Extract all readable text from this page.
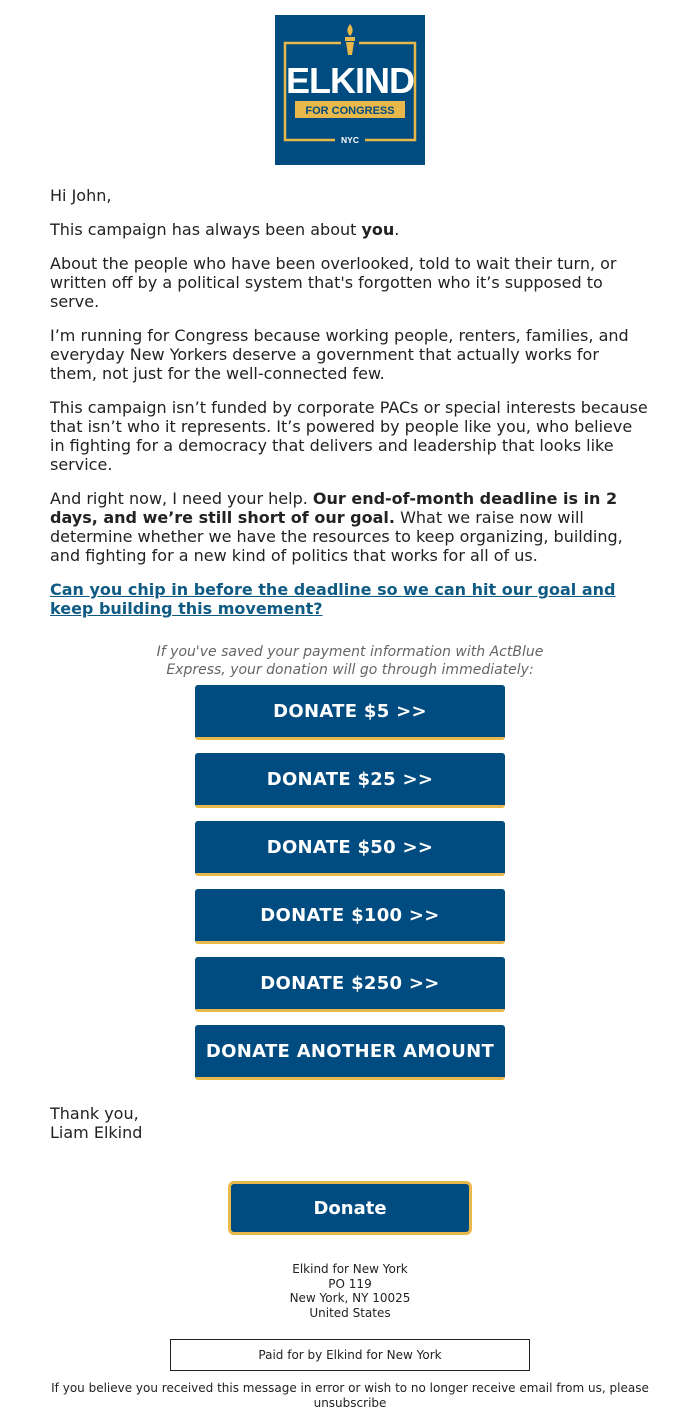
ELKIND
FOR CONGRESS
NYC
Hi John,

This campaign has always been about you.

About the people who have been overlooked, told to wait their turn, or written off by a political system that's forgotten who it’s supposed to serve.

I’m running for Congress because working people, renters, families, and everyday New Yorkers deserve a government that actually works for them, not just for the well-connected few.

This campaign isn’t funded by corporate PACs or special interests because that isn’t who it represents. It’s powered by people like you, who believe in fighting for a democracy that delivers and leadership that looks like service.

And right now, I need your help. Our end-of-month deadline is in 2 days, and we’re still short of our goal. What we raise now will determine whether we have the resources to keep organizing, building, and fighting for a new kind of politics that works for all of us.

Can you chip in before the deadline so we can hit our goal and keep building this movement?
If you've saved your payment information with ActBlue Express, your donation will go through immediately:
DONATE $5 >>
DONATE $25 >>
DONATE $50 >>
DONATE $100 >>
DONATE $250 >>
DONATE ANOTHER AMOUNT
Thank you,
Liam Elkind
Donate
Elkind for New York
PO 119
New York, NY 10025
United States
Paid for by Elkind for New York
If you believe you received this message in error or wish to no longer receive email from us, please unsubscribe
